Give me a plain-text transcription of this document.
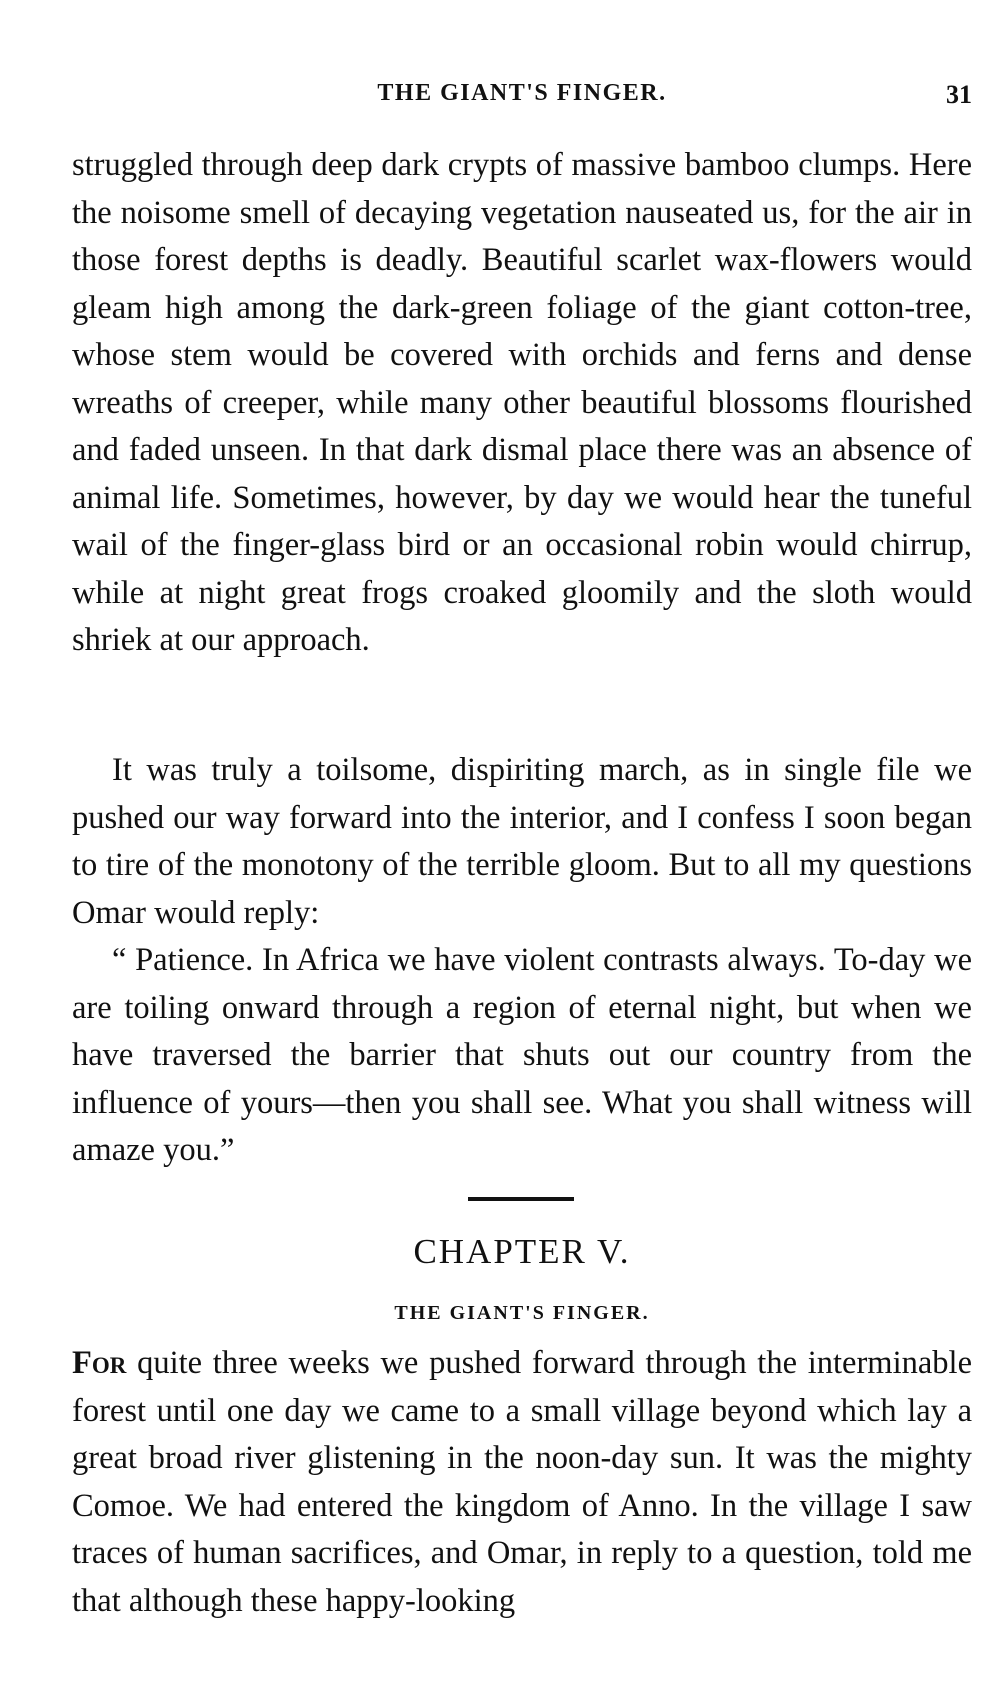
THE GIANT'S FINGER.	31

struggled through deep dark crypts of massive bamboo clumps. Here the noisome smell of decaying vegetation nauseated us, for the air in those forest depths is deadly. Beautiful scarlet wax-flowers would gleam high among the dark-green foliage of the giant cotton-tree, whose stem would be covered with orchids and ferns and dense wreaths of creeper, while many other beautiful blossoms flourished and faded unseen. In that dark dismal place there was an absence of animal life. Sometimes, however, by day we would hear the tuneful wail of the finger-glass bird or an occasional robin would chirrup, while at night great frogs croaked gloomily and the sloth would shriek at our approach.

It was truly a toilsome, dispiriting march, as in single file we pushed our way forward into the interior, and I confess I soon began to tire of the monotony of the terrible gloom. But to all my questions Omar would reply:

“ Patience. In Africa we have violent contrasts always. To-day we are toiling onward through a region of eternal night, but when we have traversed the barrier that shuts out our country from the influence of yours—then you shall see. What you shall witness will amaze you.”

CHAPTER V.
THE GIANT'S FINGER.

For quite three weeks we pushed forward through the interminable forest until one day we came to a small village beyond which lay a great broad river glistening in the noon-day sun. It was the mighty Comoe. We had entered the kingdom of Anno. In the village I saw traces of human sacrifices, and Omar, in reply to a question, told me that although these happy-looking
